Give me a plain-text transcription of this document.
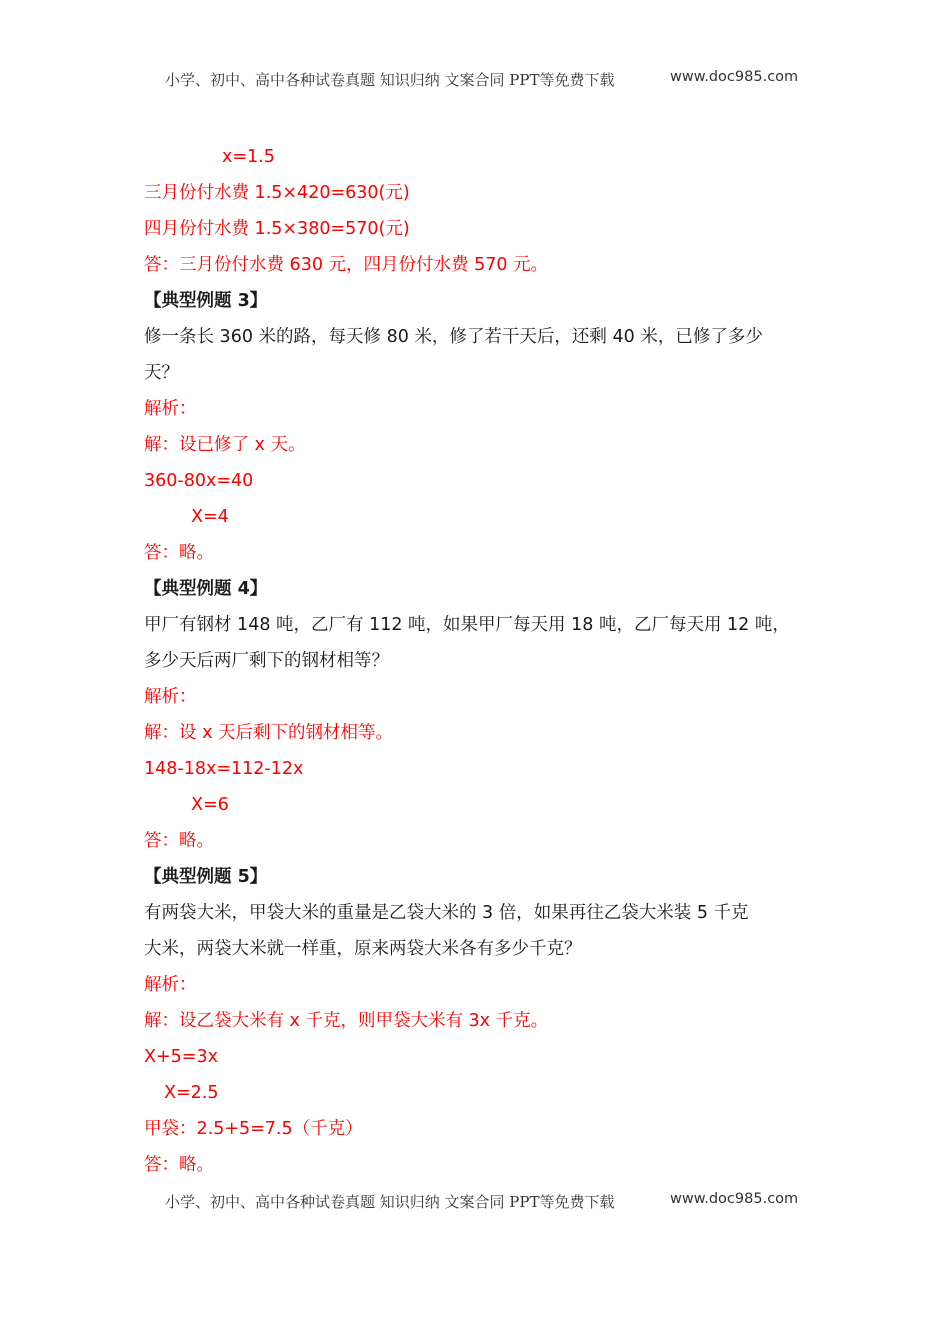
小学、初中、高中各种试卷真题 知识归纳 文案合同 PPT等免费下载	www.doc985.com
x=1.5
三月份付水费 1.5×420=630(元)
四月份付水费 1.5×380=570(元)
答：三月份付水费 630 元，四月份付水费 570 元。
【典型例题 3】
修一条长 360 米的路，每天修 80 米，修了若干天后，还剩 40 米，已修了多少
天？
解析：
解：设已修了 x 天。
360-80x=40
X=4
答：略。
【典型例题 4】
甲厂有钢材 148 吨，乙厂有 112 吨，如果甲厂每天用 18 吨，乙厂每天用 12 吨，
多少天后两厂剩下的钢材相等？
解析：
解：设 x 天后剩下的钢材相等。
148-18x=112-12x
X=6
答：略。
【典型例题 5】
有两袋大米，甲袋大米的重量是乙袋大米的 3 倍，如果再往乙袋大米装 5 千克
大米，两袋大米就一样重，原来两袋大米各有多少千克？
解析：
解：设乙袋大米有 x 千克，则甲袋大米有 3x 千克。
X+5=3x
X=2.5
甲袋：2.5+5=7.5（千克）
答：略。
小学、初中、高中各种试卷真题 知识归纳 文案合同 PPT等免费下载	www.doc985.com
